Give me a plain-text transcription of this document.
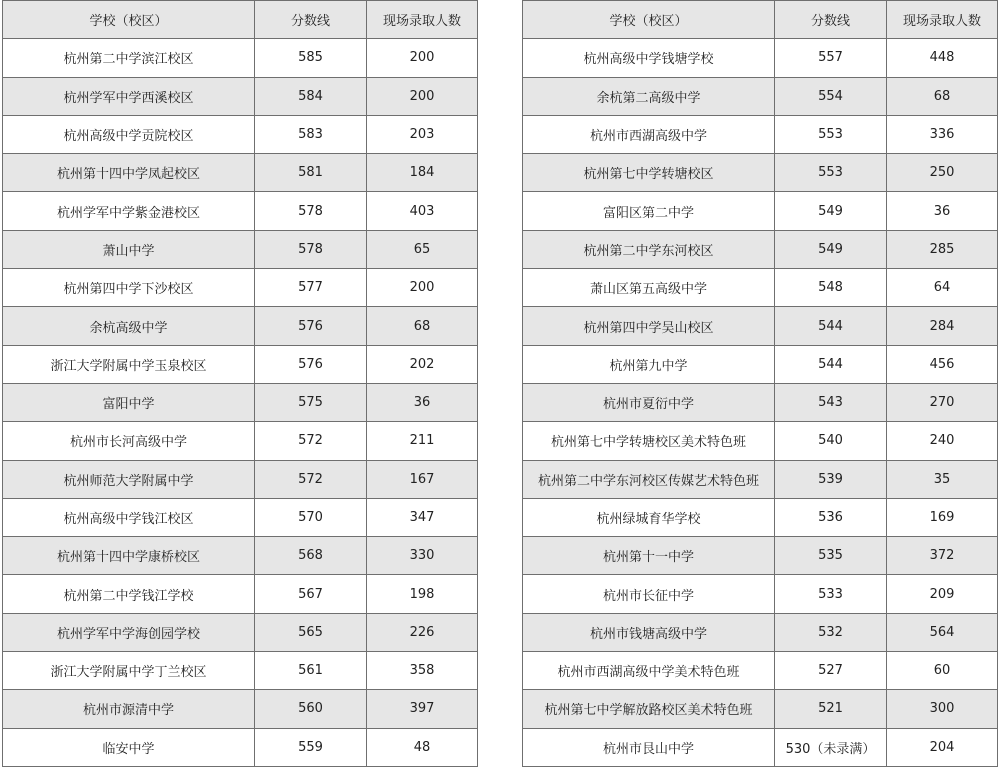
学校（校区）	分数线	现场录取人数
杭州第二中学滨江校区	585	200
杭州学军中学西溪校区	584	200
杭州高级中学贡院校区	583	203
杭州第十四中学凤起校区	581	184
杭州学军中学紫金港校区	578	403
萧山中学	578	65
杭州第四中学下沙校区	577	200
余杭高级中学	576	68
浙江大学附属中学玉泉校区	576	202
富阳中学	575	36
杭州市长河高级中学	572	211
杭州师范大学附属中学	572	167
杭州高级中学钱江校区	570	347
杭州第十四中学康桥校区	568	330
杭州第二中学钱江学校	567	198
杭州学军中学海创园学校	565	226
浙江大学附属中学丁兰校区	561	358
杭州市源清中学	560	397
临安中学	559	48
学校（校区）	分数线	现场录取人数
杭州高级中学钱塘学校	557	448
余杭第二高级中学	554	68
杭州市西湖高级中学	553	336
杭州第七中学转塘校区	553	250
富阳区第二中学	549	36
杭州第二中学东河校区	549	285
萧山区第五高级中学	548	64
杭州第四中学吴山校区	544	284
杭州第九中学	544	456
杭州市夏衍中学	543	270
杭州第七中学转塘校区美术特色班	540	240
杭州第二中学东河校区传媒艺术特色班	539	35
杭州绿城育华学校	536	169
杭州第十一中学	535	372
杭州市长征中学	533	209
杭州市钱塘高级中学	532	564
杭州市西湖高级中学美术特色班	527	60
杭州第七中学解放路校区美术特色班	521	300
杭州市艮山中学	530（未录满）	204
